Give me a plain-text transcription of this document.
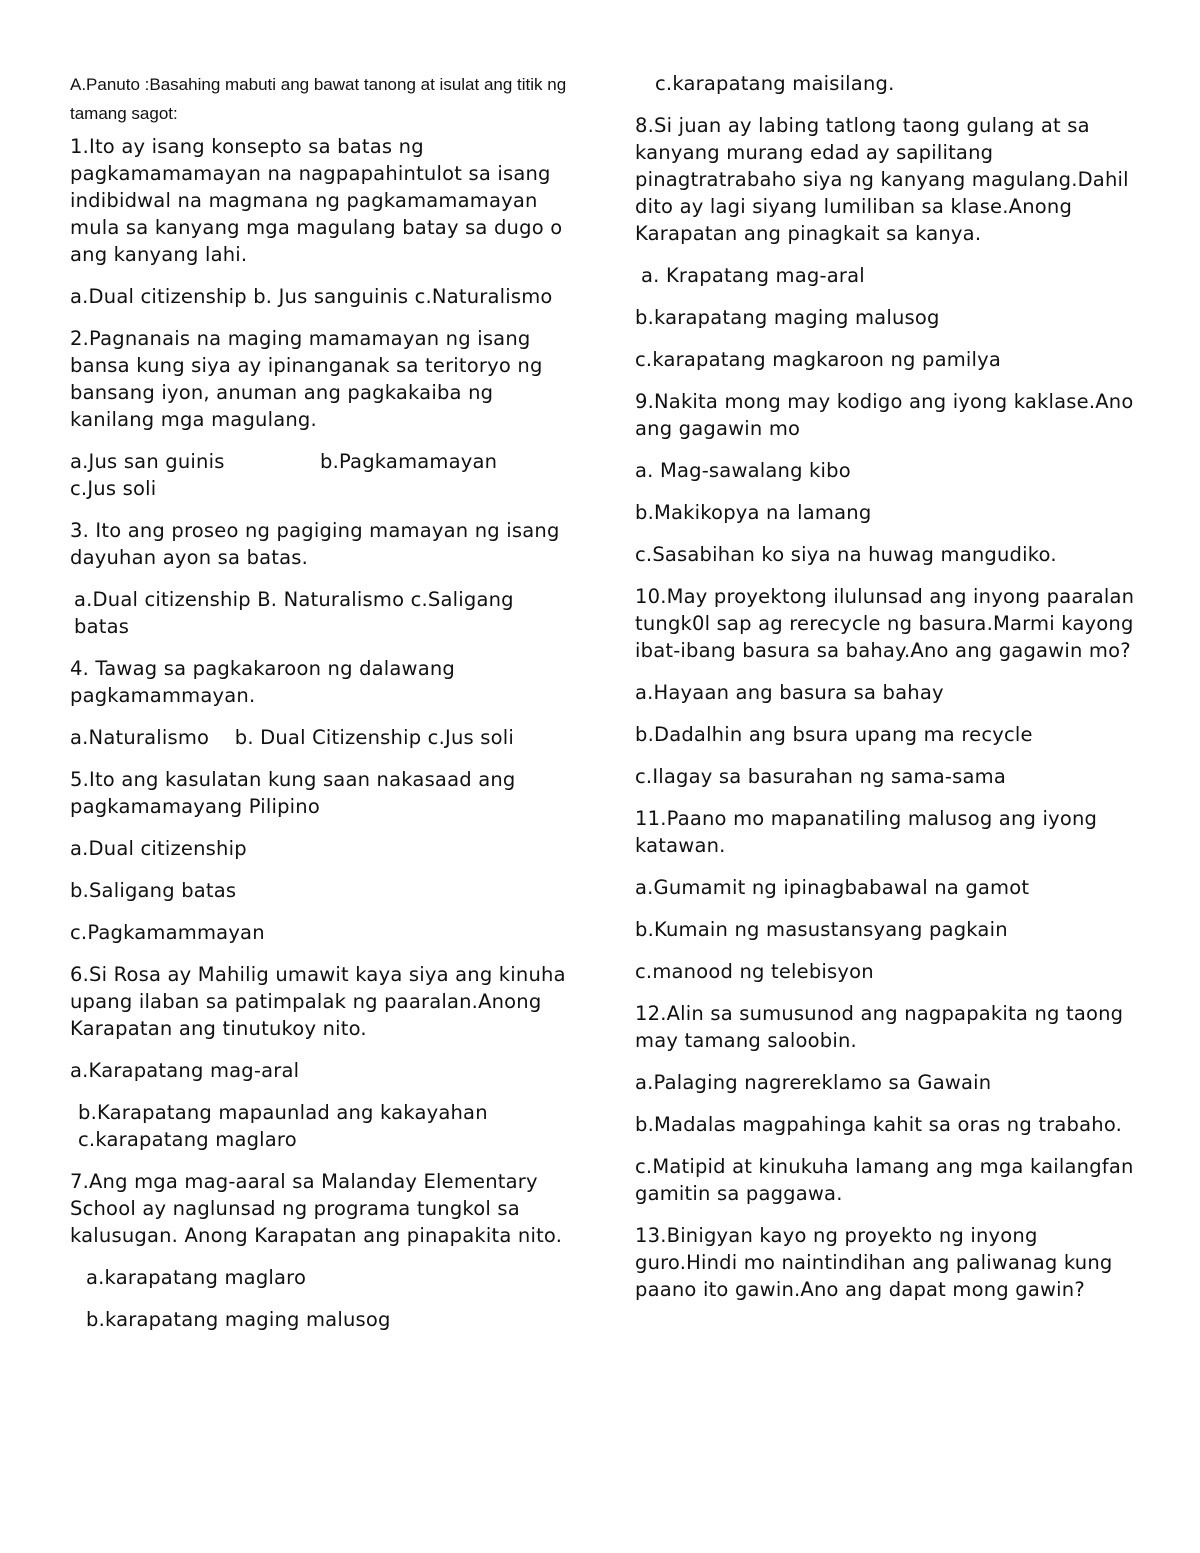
A.Panuto :Basahing mabuti ang bawat tanong at isulat ang titik ng tamang sagot:

1.Ito ay isang konsepto sa batas ng pagkamamamayan na nagpapahintulot sa isang indibidwal na magmana ng pagkamamamayan mula sa kanyang mga magulang batay sa dugo o ang kanyang lahi.

a.Dual citizenship b. Jus sanguinis c.Naturalismo

2.Pagnanais na maging mamamayan ng isang bansa kung siya ay ipinanganak sa teritoryo ng bansang iyon, anuman ang pagkakaiba ng kanilang mga magulang.

a.Jus san guinis	b.Pagkamamayan
c.Jus soli

3. Ito ang proseo ng pagiging mamayan ng isang dayuhan ayon sa batas.

a.Dual citizenship B. Naturalismo c.Saligang batas

4. Tawag sa pagkakaroon ng dalawang pagkamammayan.

a.Naturalismo    b. Dual Citizenship c.Jus soli

5.Ito ang kasulatan kung saan nakasaad ang pagkamamayang Pilipino

a.Dual citizenship

b.Saligang batas

c.Pagkamammayan

6.Si Rosa ay Mahilig umawit kaya siya ang kinuha upang ilaban sa patimpalak ng paaralan.Anong Karapatan ang tinutukoy nito.

a.Karapatang mag-aral

b.Karapatang mapaunlad ang kakayahan c.karapatang maglaro

7.Ang mga mag-aaral sa Malanday Elementary School ay naglunsad ng programa tungkol sa kalusugan. Anong Karapatan ang pinapakita nito.

a.karapatang maglaro

b.karapatang maging malusog

c.karapatang maisilang.

8.Si juan ay labing tatlong taong gulang at sa kanyang murang edad ay sapilitang pinagtratrabaho siya ng kanyang magulang.Dahil dito ay lagi siyang lumiliban sa klase.Anong Karapatan ang pinagkait sa kanya.

a. Krapatang mag-aral

b.karapatang maging malusog

c.karapatang magkaroon ng pamilya

9.Nakita mong may kodigo ang iyong kaklase.Ano ang gagawin mo

a. Mag-sawalang kibo

b.Makikopya na lamang

c.Sasabihan ko siya na huwag mangudiko.

10.May proyektong ilulunsad ang inyong paaralan tungk0l sap ag rerecycle ng basura.Marmi kayong ibat-ibang basura sa bahay.Ano ang gagawin mo?

a.Hayaan ang basura sa bahay

b.Dadalhin ang bsura upang ma recycle

c.Ilagay sa basurahan ng sama-sama

11.Paano mo mapanatiling malusog ang iyong katawan.

a.Gumamit ng ipinagbabawal na gamot

b.Kumain ng masustansyang pagkain

c.manood ng telebisyon

12.Alin sa sumusunod ang nagpapakita ng taong may tamang saloobin.

a.Palaging nagrereklamo sa Gawain

b.Madalas magpahinga kahit sa oras ng trabaho.

c.Matipid at kinukuha lamang ang mga kailangfan gamitin sa paggawa.

13.Binigyan kayo ng proyekto ng inyong guro.Hindi mo naintindihan ang paliwanag kung paano ito gawin.Ano ang dapat mong gawin?
